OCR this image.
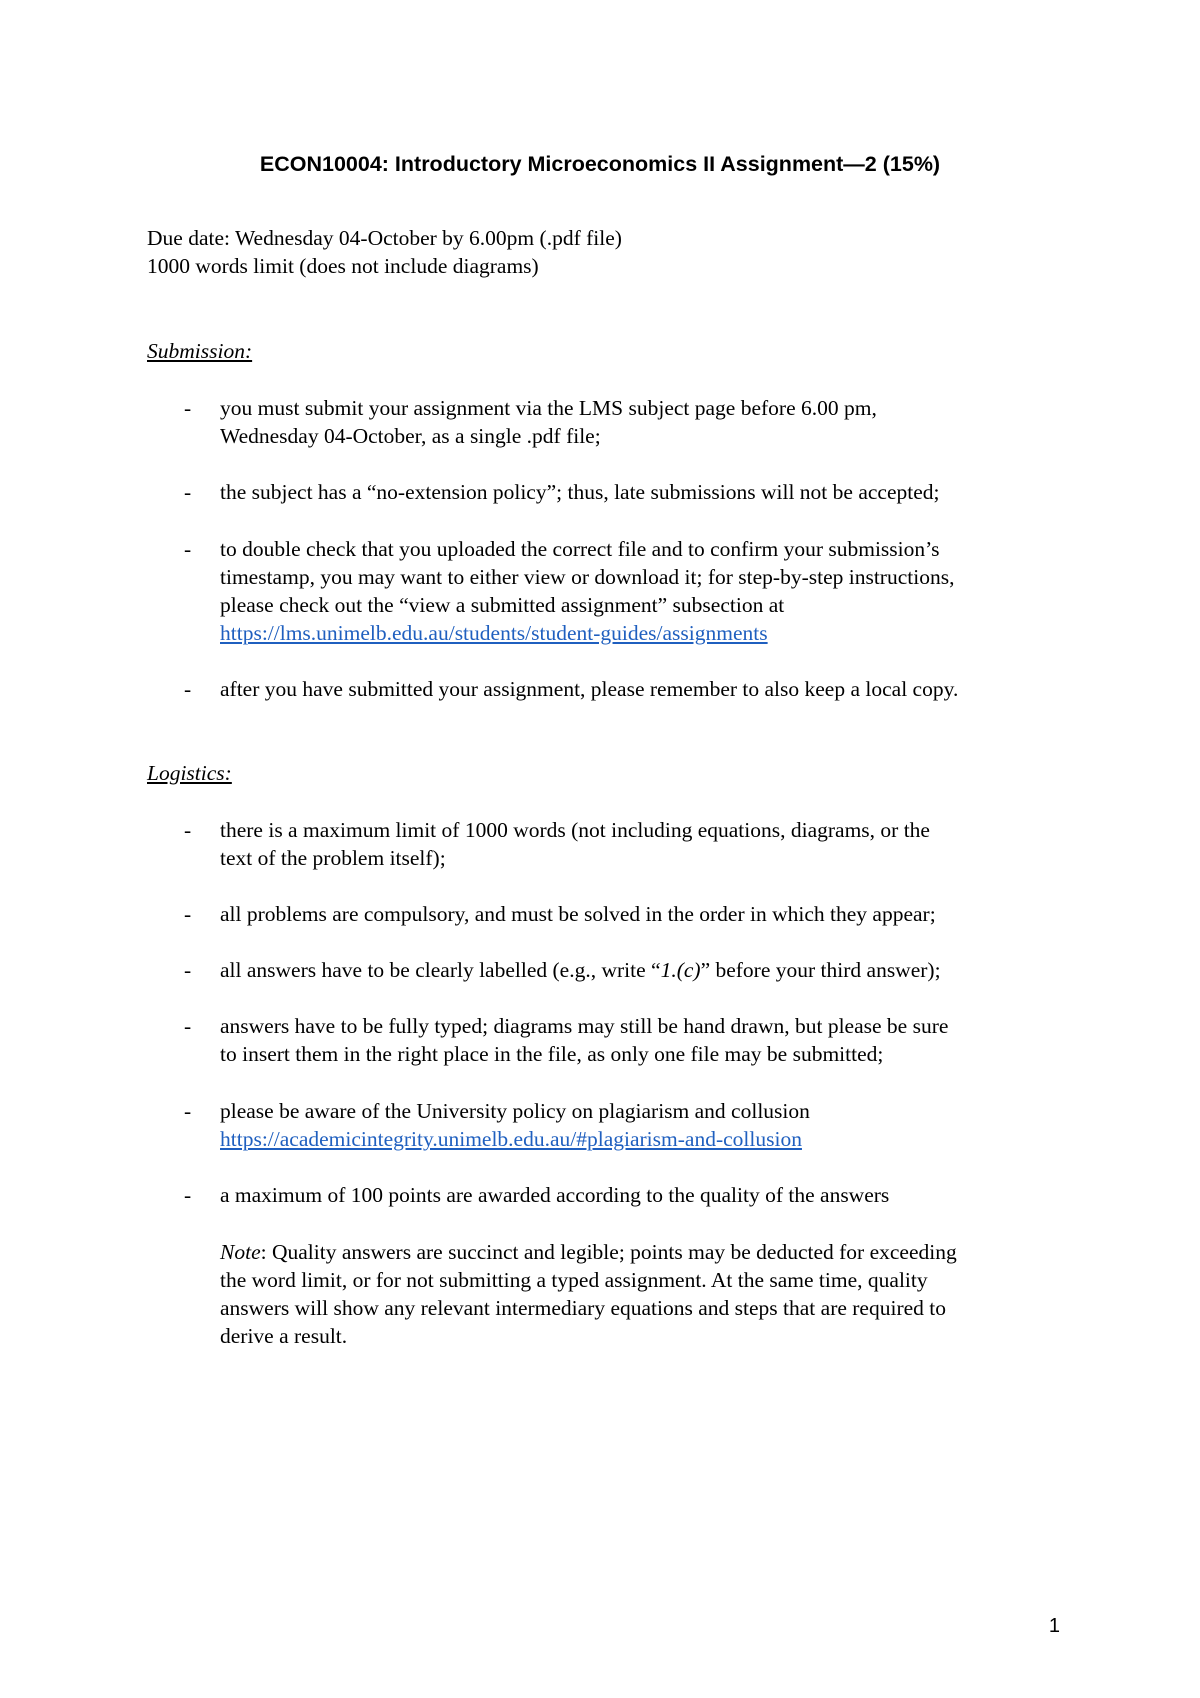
ECON10004: Introductory Microeconomics II Assignment—2 (15%)
Due date: Wednesday 04-October by 6.00pm (.pdf file)
1000 words limit (does not include diagrams)
Submission:
- you must submit your assignment via the LMS subject page before 6.00 pm,
Wednesday 04-October, as a single .pdf file;
- the subject has a “no-extension policy”; thus, late submissions will not be accepted;
- to double check that you uploaded the correct file and to confirm your submission’s
timestamp, you may want to either view or download it; for step-by-step instructions,
please check out the “view a submitted assignment” subsection at
https://lms.unimelb.edu.au/students/student-guides/assignments
- after you have submitted your assignment, please remember to also keep a local copy.
Logistics:
- there is a maximum limit of 1000 words (not including equations, diagrams, or the
text of the problem itself);
- all problems are compulsory, and must be solved in the order in which they appear;
- all answers have to be clearly labelled (e.g., write “1.(c)” before your third answer);
- answers have to be fully typed; diagrams may still be hand drawn, but please be sure
to insert them in the right place in the file, as only one file may be submitted;
- please be aware of the University policy on plagiarism and collusion
https://academicintegrity.unimelb.edu.au/#plagiarism-and-collusion
- a maximum of 100 points are awarded according to the quality of the answers
Note: Quality answers are succinct and legible; points may be deducted for exceeding
the word limit, or for not submitting a typed assignment. At the same time, quality
answers will show any relevant intermediary equations and steps that are required to
derive a result.
1
